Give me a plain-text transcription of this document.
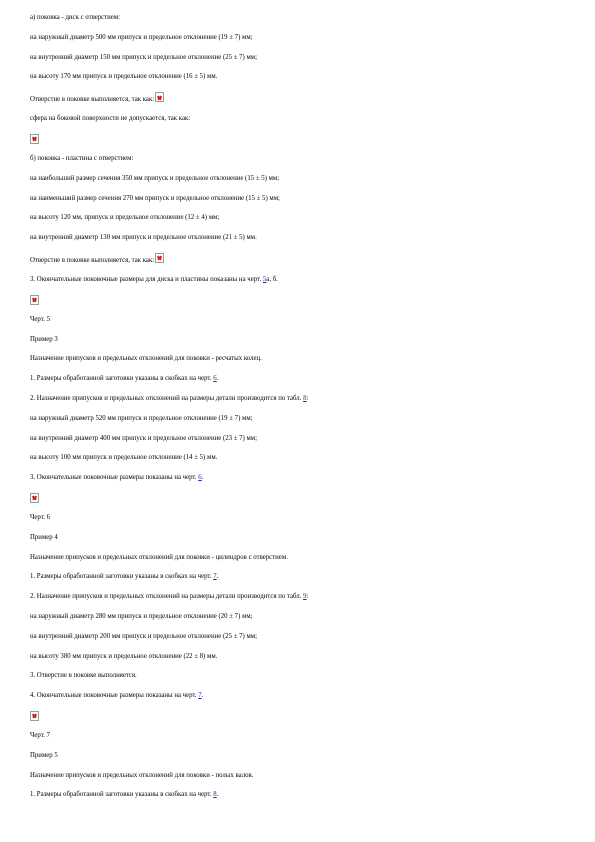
а) поковка - диск с отверстием:
на наружный диаметр 500 мм припуск и предельное отклонение (19 ± 7) мм;
на внутренний диаметр 150 мм припуск и предельное отклонение (25 ± 7) мм;
на высоту 170 мм припуск и предельное отклонение (16 ± 5) мм.
Отверстие в поковке выполняется, так как:
сфера на боковой поверхности не допускается, так как:
б) поковка - пластина с отверстием:
на наибольший размер сечения 350 мм припуск и предельное отклонение (15 ± 5) мм;
на наименьший размер сечения 270 мм припуск и предельное отклонение (15 ± 5) мм;
на высоту 120 мм, припуск и предельное отклонение (12 ± 4) мм;
на внутренний диаметр 130 мм припуск и предельное отклонение (21 ± 5) мм.
Отверстие в поковке выполняется, так как:
3. Окончательные поковочные размеры для диска и пластины показаны на черт. 5а, б.
Черт. 5
Пример 3
Назначение припусков и предельных отклонений для поковки - ресчатых колец.
1. Размеры обработанной заготовки указаны в скобках на черт. 6.
2. Назначение припусков и предельных отклонений на размеры детали производится по табл. 8:
на наружный диаметр 520 мм припуск и предельное отклонение (19 ± 7) мм;
на внутренний диаметр 400 мм припуск и предельное отклонение (23 ± 7) мм;
на высоту 100 мм припуск и предельное отклонение (14 ± 5) мм.
3. Окончательные поковочные размеры показаны на черт. 6.
Черт. 6
Пример 4
Назначение припусков и предельных отклонений для поковки - цилиндров с отверстием.
1. Размеры обработанной заготовки указаны в скобках на черт. 7.
2. Назначение припусков и предельных отклонений на размеры детали производится по табл. 9:
на наружный диаметр 280 мм припуск и предельное отклонение (20 ± 7) мм;
на внутренний диаметр 200 мм припуск и предельное отклонение (25 ± 7) мм;
на высоту 380 мм припуск и предельное отклонение (22 ± 8) мм.
3. Отверстие в поковке выполняется.
4. Окончательные поковочные размеры показаны на черт. 7.
Черт. 7
Пример 5
Назначение припусков и предельных отклонений для поковки - полых валов.
1. Размеры обработанной заготовки указаны в скобках на черт. 8.
